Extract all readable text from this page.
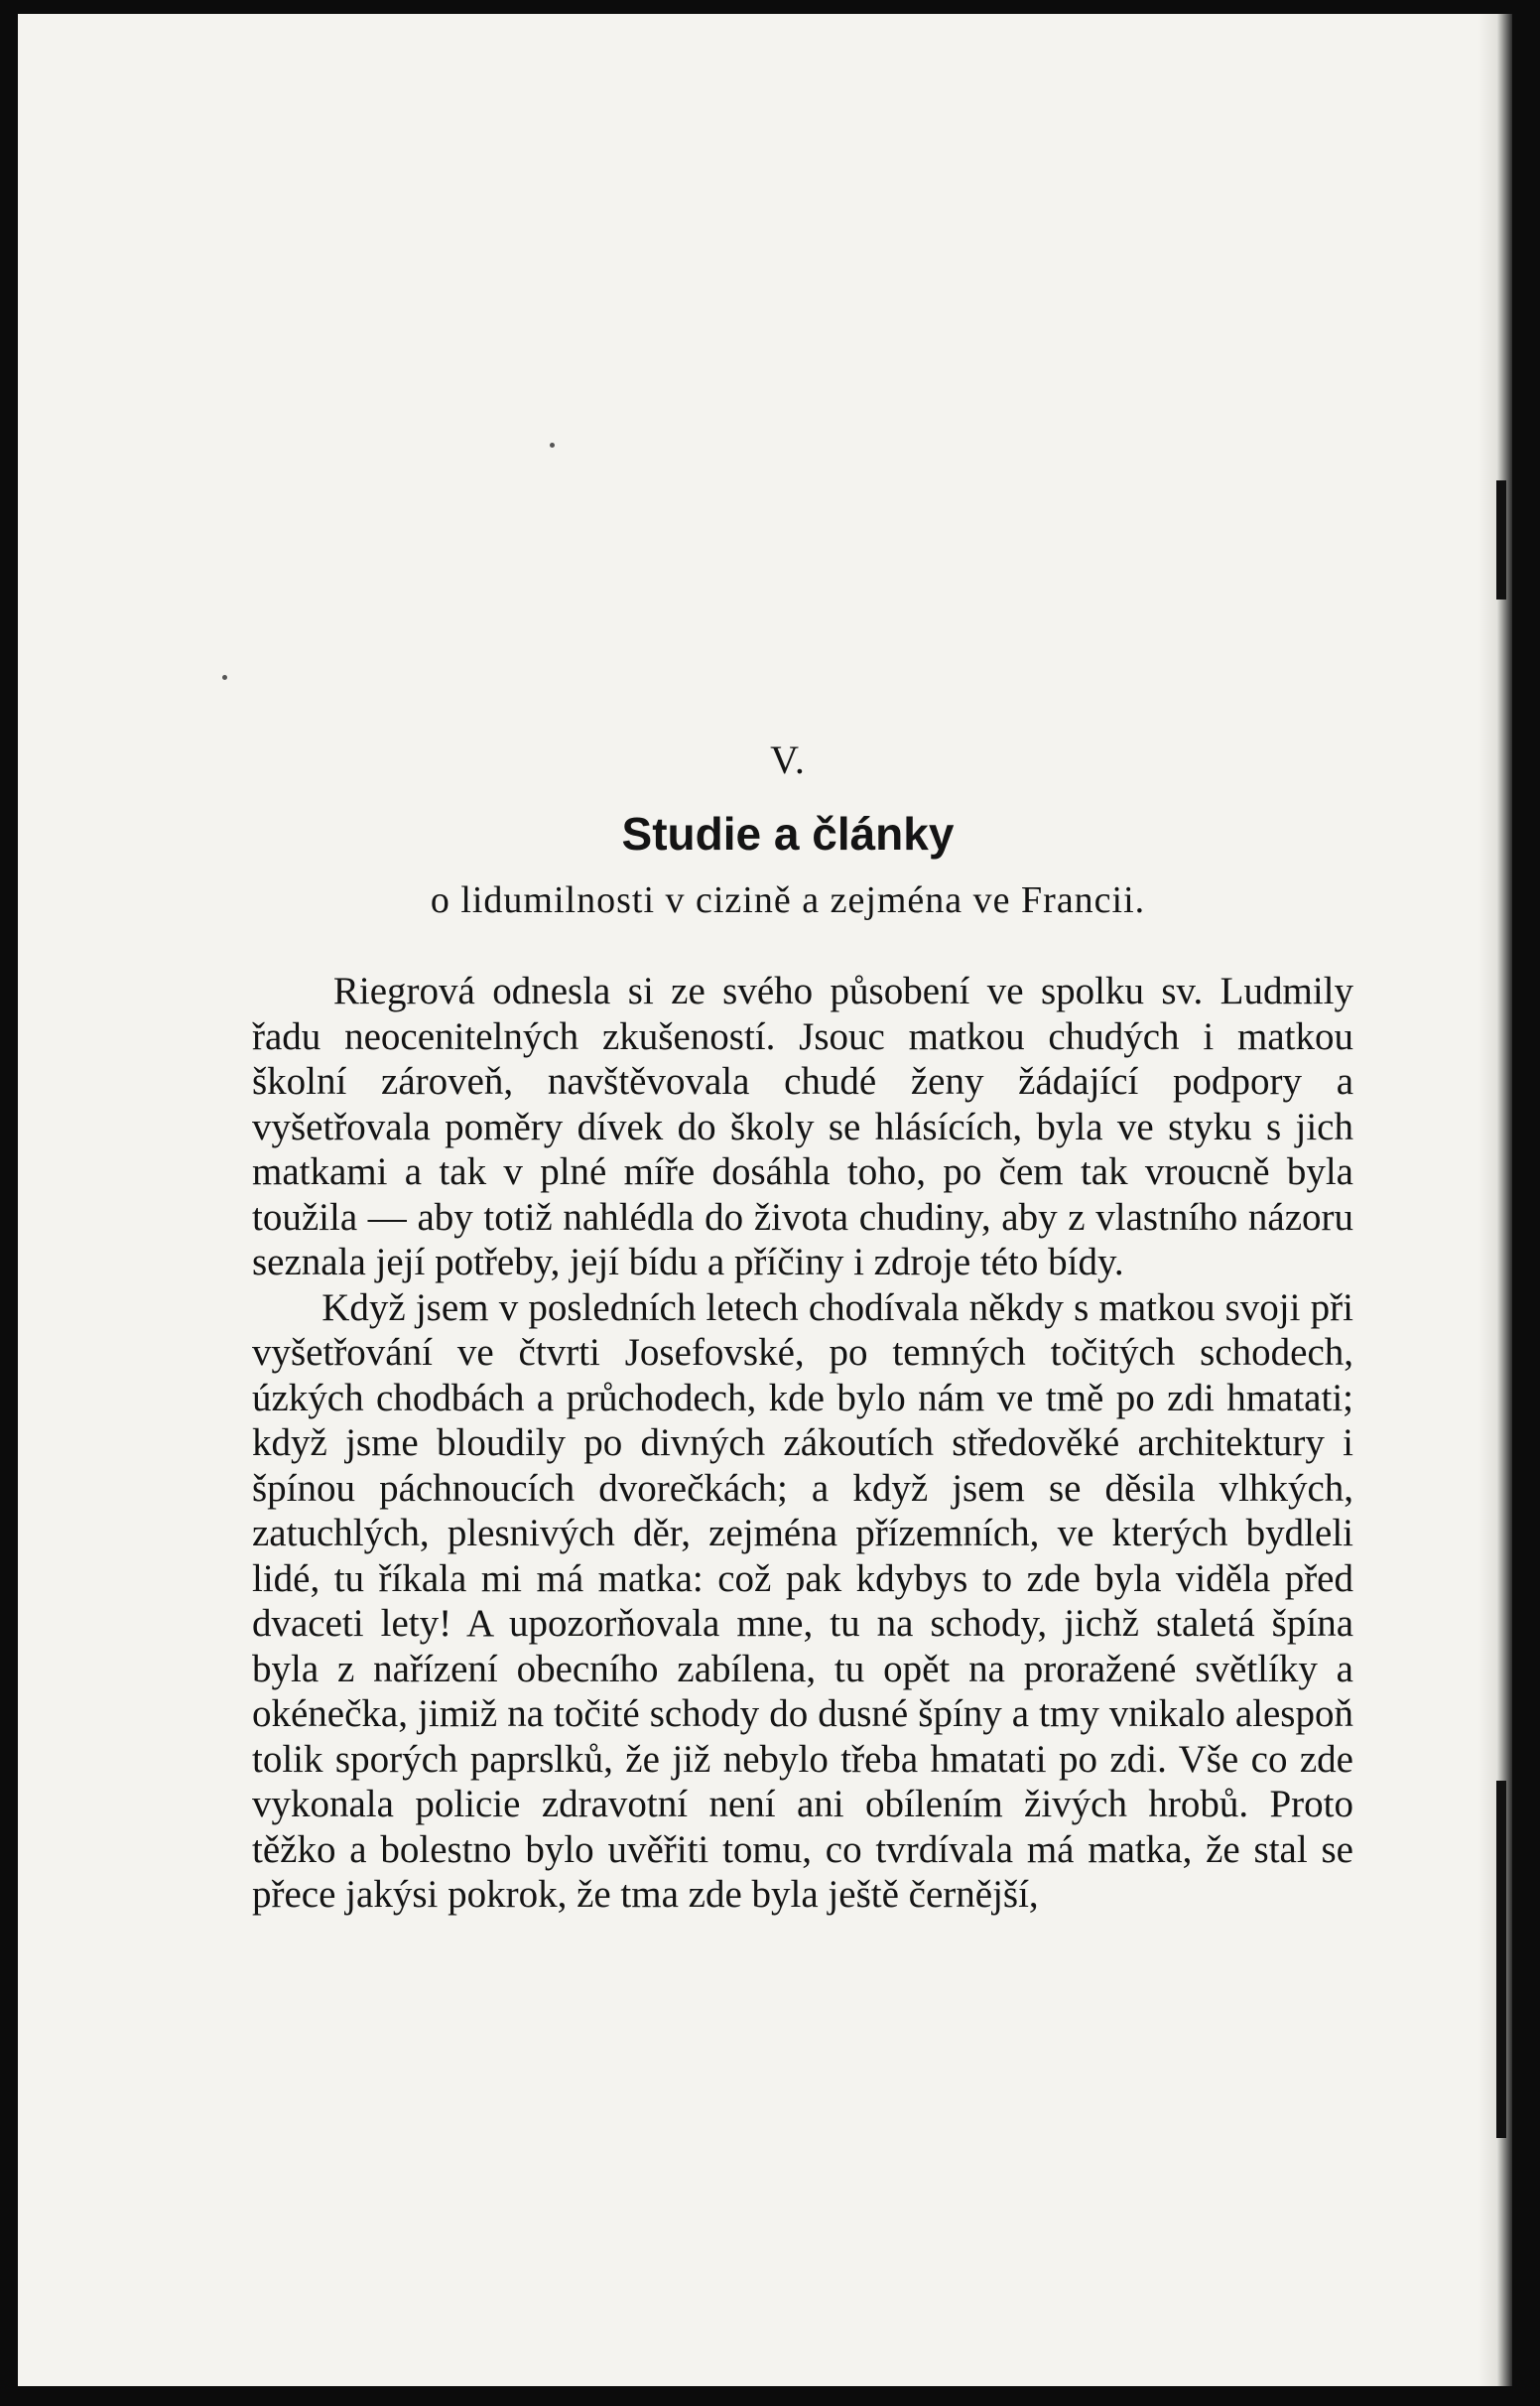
V.
Studie a články
o lidumilnosti v cizině a zejména ve Francii.

Riegrová odnesla si ze svého působení ve spolku sv. Ludmily řadu neocenitelných zkušeností. Jsouc matkou chudých i matkou školní zároveň, navštěvovala chudé ženy žádající podpory a vyšetřovala poměry dívek do školy se hlásících, byla ve styku s jich matkami a tak v plné míře dosáhla toho, po čem tak vroucně byla toužila — aby totiž nahlédla do života chudiny, aby z vlastního názoru seznala její potřeby, její bídu a příčiny i zdroje této bídy.

Když jsem v posledních letech chodívala někdy s matkou svoji při vyšetřování ve čtvrti Josefovské, po temných točitých schodech, úzkých chodbách a průchodech, kde bylo nám ve tmě po zdi hmatati; když jsme bloudily po divných zákoutích středověké architektury i špínou páchnoucích dvorečkách; a když jsem se děsila vlhkých, zatuchlých, plesnivých děr, zejména přízemních, ve kterých bydleli lidé, tu říkala mi má matka: což pak kdybys to zde byla viděla před dvaceti lety! A upozorňovala mne, tu na schody, jichž staletá špína byla z nařízení obecního zabílena, tu opět na proražené světlíky a okénečka, jimiž na točité schody do dusné špíny a tmy vnikalo alespoň tolik sporých paprslků, že již nebylo třeba hmatati po zdi. Vše co zde vykonala policie zdravotní není ani obílením živých hrobů. Proto těžko a bolestno bylo uvěřiti tomu, co tvrdívala má matka, že stal se přece jakýsi pokrok, že tma zde byla ještě černější,
